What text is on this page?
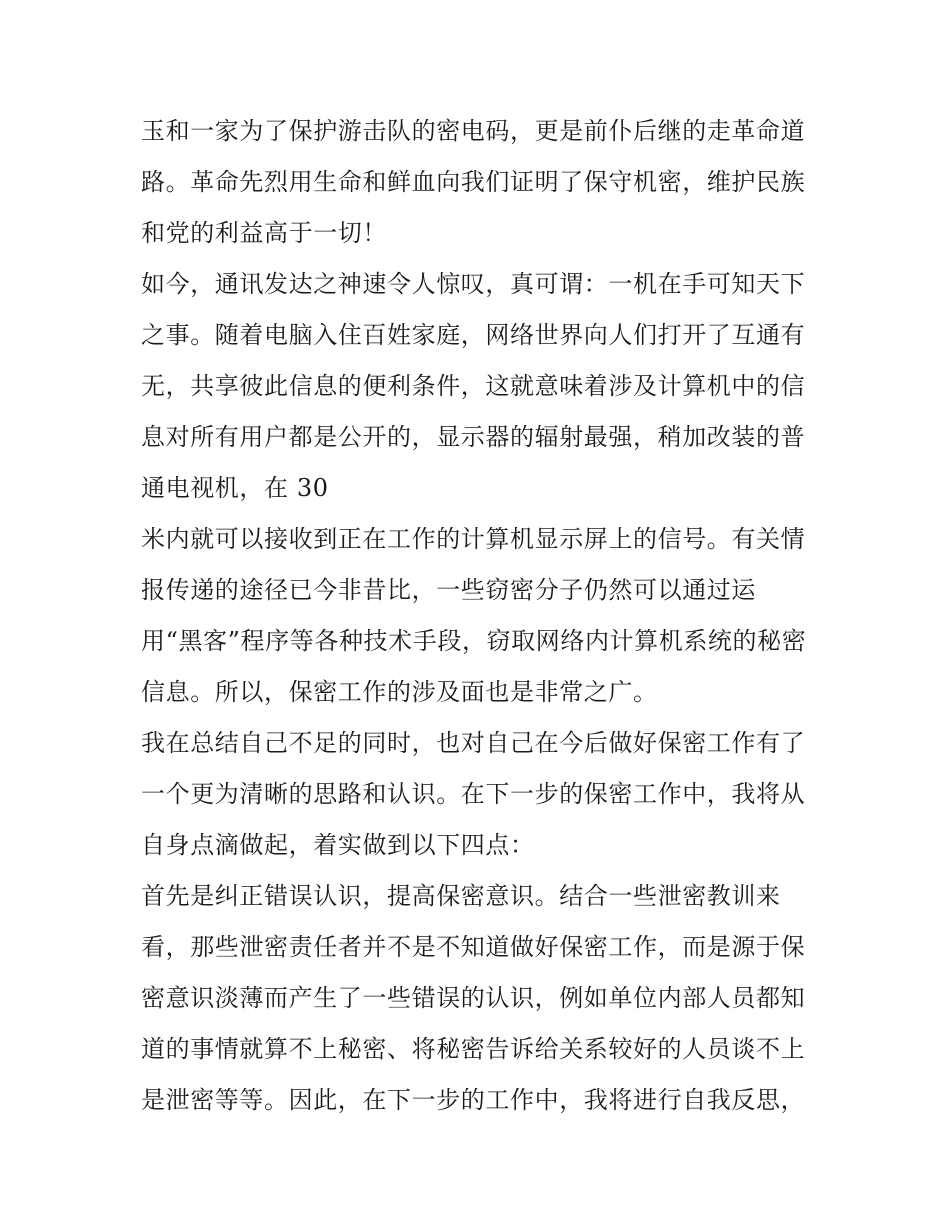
玉和一家为了保护游击队的密电码，更是前仆后继的走革命道
路。革命先烈用生命和鲜血向我们证明了保守机密，维护民族
和党的利益高于一切！
如今，通讯发达之神速令人惊叹，真可谓：一机在手可知天下
之事。随着电脑入住百姓家庭，网络世界向人们打开了互通有
无，共享彼此信息的便利条件，这就意味着涉及计算机中的信
息对所有用户都是公开的，显示器的辐射最强，稍加改装的普
通电视机，在 30
米内就可以接收到正在工作的计算机显示屏上的信号。有关情
报传递的途径已今非昔比，一些窃密分子仍然可以通过运
用“黑客”程序等各种技术手段，窃取网络内计算机系统的秘密
信息。所以，保密工作的涉及面也是非常之广。
我在总结自己不足的同时，也对自己在今后做好保密工作有了
一个更为清晰的思路和认识。在下一步的保密工作中，我将从
自身点滴做起，着实做到以下四点：
首先是纠正错误认识，提高保密意识。结合一些泄密教训来
看，那些泄密责任者并不是不知道做好保密工作，而是源于保
密意识淡薄而产生了一些错误的认识，例如单位内部人员都知
道的事情就算不上秘密、将秘密告诉给关系较好的人员谈不上
是泄密等等。因此，在下一步的工作中，我将进行自我反思，
